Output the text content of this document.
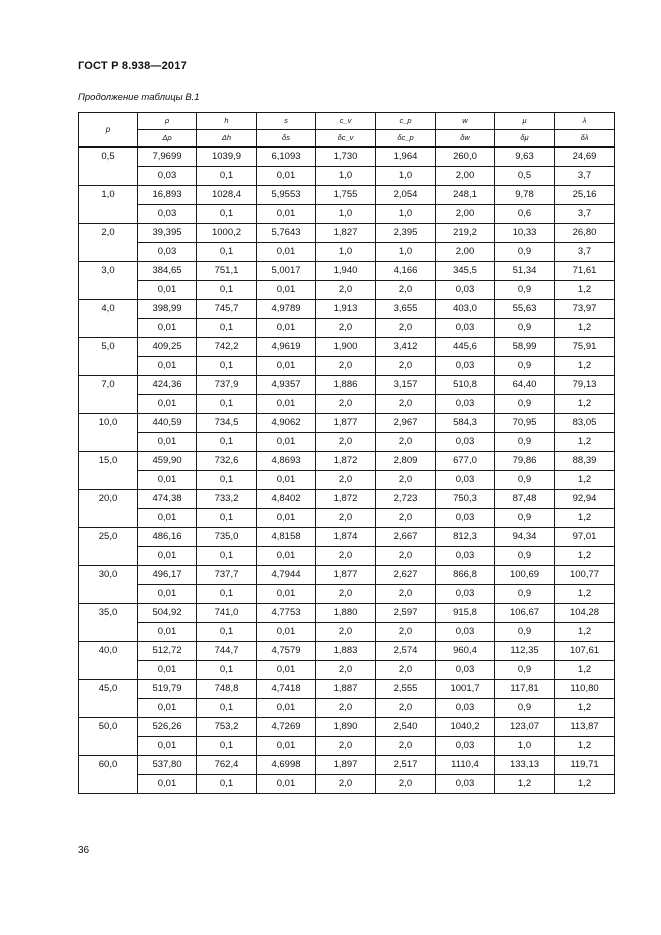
ГОСТ Р 8.938—2017
Продолжение таблицы В.1
p	ρ	h	s	c_v	c_p	w	μ	λ
	Δρ	Δh	δs	δc_v	δc_p	δw	δμ	δλ
0,5	7,9699	1039,9	6,1093	1,730	1,964	260,0	9,63	24,69
	0,03	0,1	0,01	1,0	1,0	2,00	0,5	3,7
1,0	16,893	1028,4	5,9553	1,755	2,054	248,1	9,78	25,16
	0,03	0,1	0,01	1,0	1,0	2,00	0,6	3,7
2,0	39,395	1000,2	5,7643	1,827	2,395	219,2	10,33	26,80
	0,03	0,1	0,01	1,0	1,0	2,00	0,9	3,7
3,0	384,65	751,1	5,0017	1,940	4,166	345,5	51,34	71,61
	0,01	0,1	0,01	2,0	2,0	0,03	0,9	1,2
4,0	398,99	745,7	4,9789	1,913	3,655	403,0	55,63	73,97
	0,01	0,1	0,01	2,0	2,0	0,03	0,9	1,2
5,0	409,25	742,2	4,9619	1,900	3,412	445,6	58,99	75,91
	0,01	0,1	0,01	2,0	2,0	0,03	0,9	1,2
7,0	424,36	737,9	4,9357	1,886	3,157	510,8	64,40	79,13
	0,01	0,1	0,01	2,0	2,0	0,03	0,9	1,2
10,0	440,59	734,5	4,9062	1,877	2,967	584,3	70,95	83,05
	0,01	0,1	0,01	2,0	2,0	0,03	0,9	1,2
15,0	459,90	732,6	4,8693	1,872	2,809	677,0	79,86	88,39
	0,01	0,1	0,01	2,0	2,0	0,03	0,9	1,2
20,0	474,38	733,2	4,8402	1,872	2,723	750,3	87,48	92,94
	0,01	0,1	0,01	2,0	2,0	0,03	0,9	1,2
25,0	486,16	735,0	4,8158	1,874	2,667	812,3	94,34	97,01
	0,01	0,1	0,01	2,0	2,0	0,03	0,9	1,2
30,0	496,17	737,7	4,7944	1,877	2,627	866,8	100,69	100,77
	0,01	0,1	0,01	2,0	2,0	0,03	0,9	1,2
35,0	504,92	741,0	4,7753	1,880	2,597	915,8	106,67	104,28
	0,01	0,1	0,01	2,0	2,0	0,03	0,9	1,2
40,0	512,72	744,7	4,7579	1,883	2,574	960,4	112,35	107,61
	0,01	0,1	0,01	2,0	2,0	0,03	0,9	1,2
45,0	519,79	748,8	4,7418	1,887	2,555	1001,7	117,81	110,80
	0,01	0,1	0,01	2,0	2,0	0,03	0,9	1,2
50,0	526,26	753,2	4,7269	1,890	2,540	1040,2	123,07	113,87
	0,01	0,1	0,01	2,0	2,0	0,03	1,0	1,2
60,0	537,80	762,4	4,6998	1,897	2,517	1110,4	133,13	119,71
	0,01	0,1	0,01	2,0	2,0	0,03	1,2	1,2
36
